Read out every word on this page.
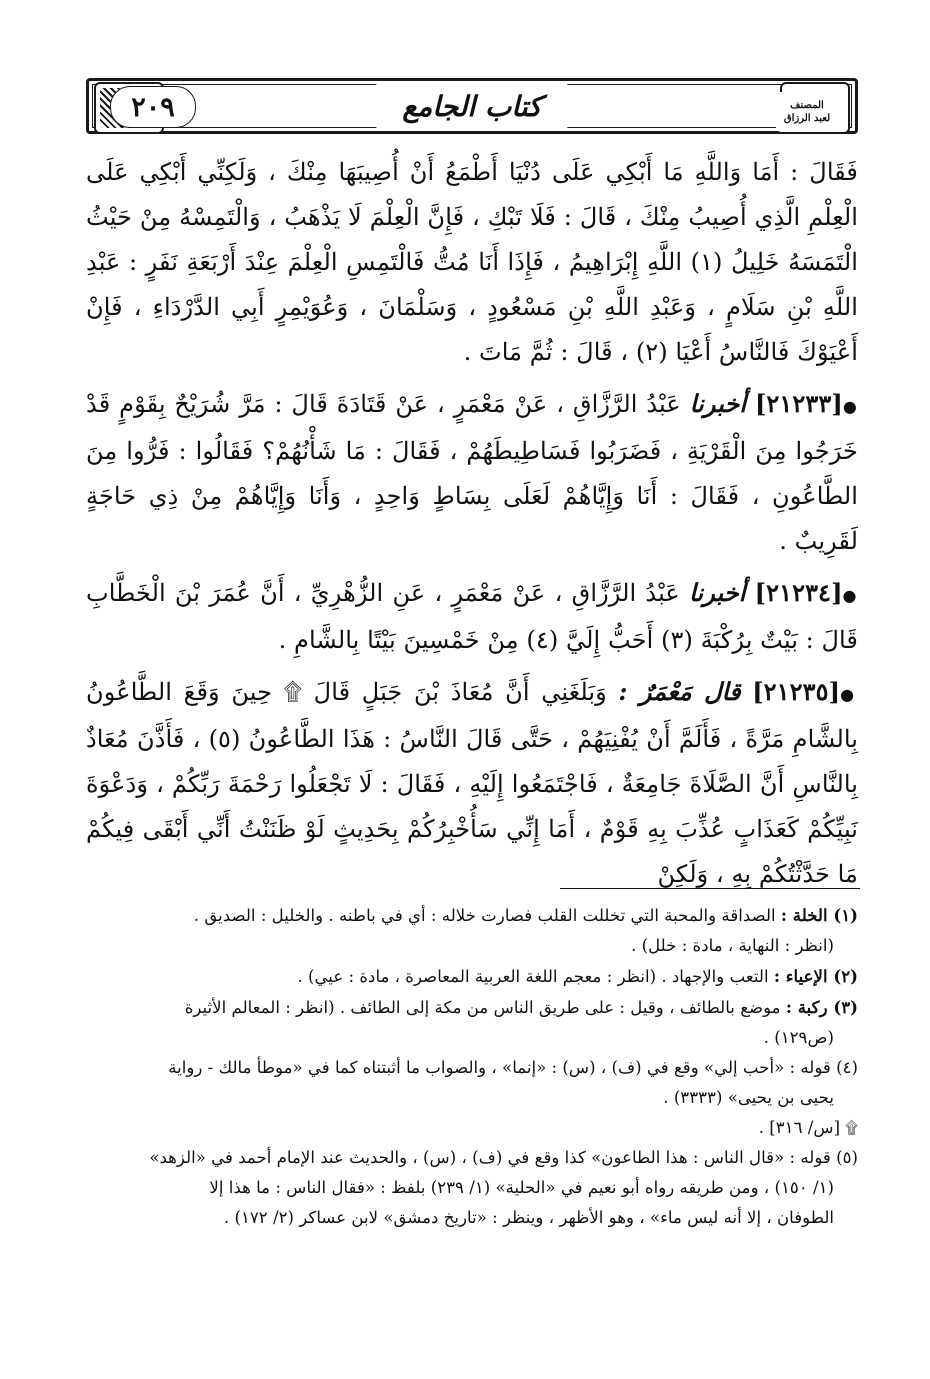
٢٠٩	كتاب الجامع	المصنف
لعبد الرزاق

فَقَالَ : أَمَا وَاللَّهِ مَا أَبْكِي عَلَى دُنْيَا أَطْمَعُ أَنْ أُصِيبَهَا مِنْكَ ، وَلَكِنِّي أَبْكِي عَلَى الْعِلْمِ الَّذِي أُصِيبُ مِنْكَ ، قَالَ : فَلَا تَبْكِ ، فَإِنَّ الْعِلْمَ لَا يَذْهَبُ ، وَالْتَمِسْهُ مِنْ حَيْثُ الْتَمَسَهُ خَلِيلُ (١) اللَّهِ إِبْرَاهِيمُ ، فَإِذَا أَنَا مُتُّ فَالْتَمِسِ الْعِلْمَ عِنْدَ أَرْبَعَةِ نَفَرٍ : عَبْدِ اللَّهِ بْنِ سَلَامٍ ، وَعَبْدِ اللَّهِ بْنِ مَسْعُودٍ ، وَسَلْمَانَ ، وَعُوَيْمِرٍ أَبِي الدَّرْدَاءِ ، فَإِنْ أَعْيَوْكَ فَالنَّاسُ أَعْيَا (٢) ، قَالَ : ثُمَّ مَاتَ .

●[٢١٢٣٣] أخبرنا عَبْدُ الرَّزَّاقِ ، عَنْ مَعْمَرٍ ، عَنْ قَتَادَةَ قَالَ : مَرَّ شُرَيْحٌ بِقَوْمٍ قَدْ خَرَجُوا مِنَ الْقَرْيَةِ ، فَضَرَبُوا فَسَاطِيطَهُمْ ، فَقَالَ : مَا شَأْنُهُمْ؟ فَقَالُوا : فَرُّوا مِنَ الطَّاعُونِ ، فَقَالَ : أَنَا وَإِيَّاهُمْ لَعَلَى بِسَاطٍ وَاحِدٍ ، وَأَنَا وَإِيَّاهُمْ مِنْ ذِي حَاجَةٍ لَقَرِيبٌ .

●[٢١٢٣٤] أخبرنا عَبْدُ الرَّزَّاقِ ، عَنْ مَعْمَرٍ ، عَنِ الزُّهْرِيِّ ، أَنَّ عُمَرَ بْنَ الْخَطَّابِ قَالَ : بَيْتٌ بِرُكْبَةَ (٣) أَحَبُّ إِلَيَّ (٤) مِنْ خَمْسِينَ بَيْتًا بِالشَّامِ .

●[٢١٢٣٥] قال مَعْمَرٌ : وَبَلَغَنِي أَنَّ مُعَاذَ بْنَ جَبَلٍ قَالَ ۩ حِينَ وَقَعَ الطَّاعُونُ بِالشَّامِ مَرَّةً ، فَأَلَمَّ أَنْ يُفْنِيَهُمْ ، حَتَّى قَالَ النَّاسُ : هَذَا الطَّاعُونُ (٥) ، فَأَذَّنَ مُعَاذٌ بِالنَّاسِ أَنَّ الصَّلَاةَ جَامِعَةٌ ، فَاجْتَمَعُوا إِلَيْهِ ، فَقَالَ : لَا تَجْعَلُوا رَحْمَةَ رَبِّكُمْ ، وَدَعْوَةَ نَبِيِّكُمْ كَعَذَابٍ عُذِّبَ بِهِ قَوْمٌ ، أَمَا إِنِّي سَأُخْبِرُكُمْ بِحَدِيثٍ لَوْ ظَنَنْتُ أَنِّي أَبْقَى فِيكُمْ مَا حَدَّثْتُكُمْ بِهِ ، وَلَكِنْ

(١) الخلة : الصداقة والمحبة التي تخللت القلب فصارت خلاله : أي في باطنه . والخليل : الصديق .

(انظر : النهاية ، مادة : خلل) .

(٢) الإعياء : التعب والإجهاد . (انظر : معجم اللغة العربية المعاصرة ، مادة : عيي) .

(٣) ركبة : موضع بالطائف ، وقيل : على طريق الناس من مكة إلى الطائف . (انظر : المعالم الأثيرة

(ص١٢٩) .

(٤) قوله : «أحب إلي» وقع في (ف) ، (س) : «إنما» ، والصواب ما أثبتناه كما في «موطأ مالك - رواية

يحيى بن يحيى» (٣٣٣٣) .

۩ [س/ ٣١٦] .

(٥) قوله : «قال الناس : هذا الطاعون» كذا وقع في (ف) ، (س) ، والحديث عند الإمام أحمد في «الزهد»

(١/ ١٥٠) ، ومن طريقه رواه أبو نعيم في «الحلية» (١/ ٢٣٩) بلفظ : «فقال الناس : ما هذا إلا

الطوفان ، إلا أنه ليس ماء» ، وهو الأظهر ، وينظر : «تاريخ دمشق» لابن عساكر (٢/ ١٧٢) .
